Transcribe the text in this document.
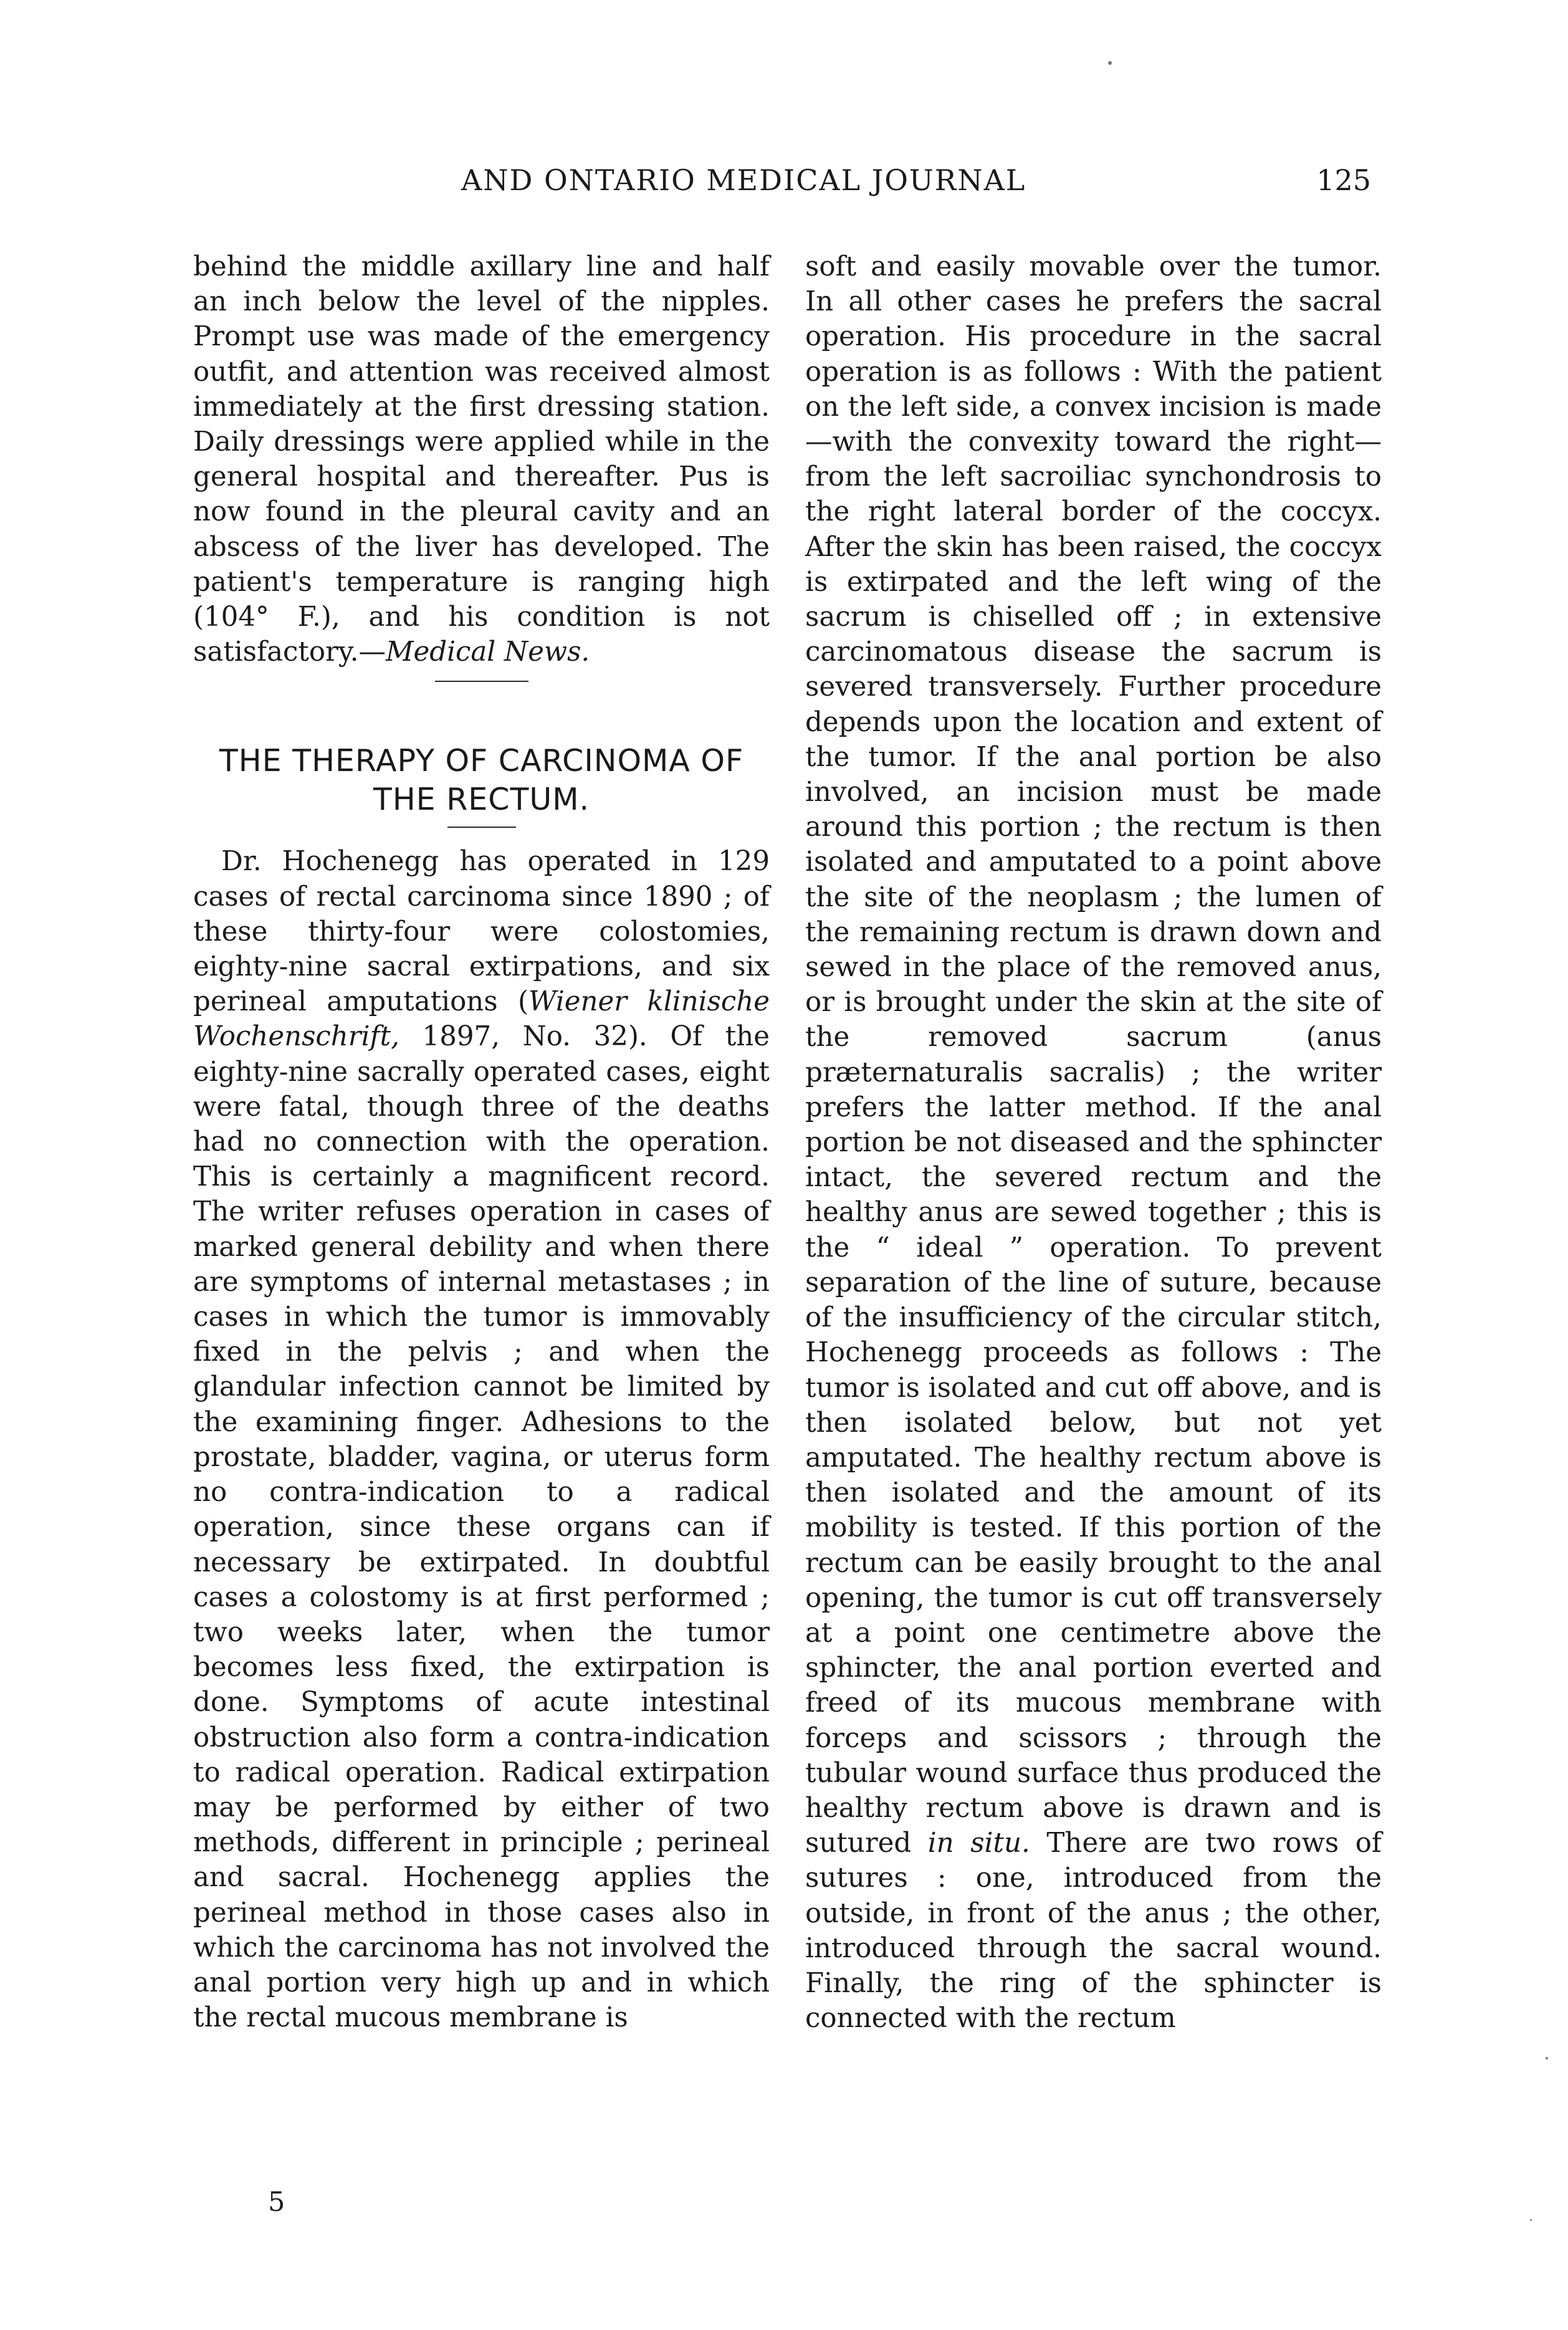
AND ONTARIO MEDICAL JOURNAL	125

behind the middle axillary line and half an inch below the level of the nipples. Prompt use was made of the emergency outfit, and attention was received almost immediately at the first dressing station. Daily dressings were applied while in the general hospital and thereafter. Pus is now found in the pleural cavity and an abscess of the liver has developed. The patient's temperature is ranging high (104° F.), and his condition is not satisfactory.—Medical News.

THE THERAPY OF CARCINOMA OF THE RECTUM.

Dr. Hochenegg has operated in 129 cases of rectal carcinoma since 1890 ; of these thirty-four were colostomies, eighty-nine sacral extirpations, and six perineal amputations (Wiener klinische Wochenschrift, 1897, No. 32). Of the eighty-nine sacrally operated cases, eight were fatal, though three of the deaths had no connection with the operation. This is certainly a magnificent record. The writer refuses operation in cases of marked general debility and when there are symptoms of internal metastases ; in cases in which the tumor is immovably fixed in the pelvis ; and when the glandular infection cannot be limited by the examining finger. Adhesions to the prostate, bladder, vagina, or uterus form no contra-indication to a radical operation, since these organs can if necessary be extirpated. In doubtful cases a colostomy is at first performed ; two weeks later, when the tumor becomes less fixed, the extirpation is done. Symptoms of acute intestinal obstruction also form a contra-indication to radical operation. Radical extirpation may be performed by either of two methods, different in principle ; perineal and sacral. Hochenegg applies the perineal method in those cases also in which the carcinoma has not involved the anal portion very high up and in which the rectal mucous membrane is

5

soft and easily movable over the tumor. In all other cases he prefers the sacral operation. His procedure in the sacral operation is as follows : With the patient on the left side, a convex incision is made—with the convexity toward the right—from the left sacroiliac synchondrosis to the right lateral border of the coccyx. After the skin has been raised, the coccyx is extirpated and the left wing of the sacrum is chiselled off ; in extensive carcinomatous disease the sacrum is severed transversely. Further procedure depends upon the location and extent of the tumor. If the anal portion be also involved, an incision must be made around this portion ; the rectum is then isolated and amputated to a point above the site of the neoplasm ; the lumen of the remaining rectum is drawn down and sewed in the place of the removed anus, or is brought under the skin at the site of the removed sacrum (anus præternaturalis sacralis) ; the writer prefers the latter method. If the anal portion be not diseased and the sphincter intact, the severed rectum and the healthy anus are sewed together ; this is the “ ideal ” operation. To prevent separation of the line of suture, because of the insufficiency of the circular stitch, Hochenegg proceeds as follows : The tumor is isolated and cut off above, and is then isolated below, but not yet amputated. The healthy rectum above is then isolated and the amount of its mobility is tested. If this portion of the rectum can be easily brought to the anal opening, the tumor is cut off transversely at a point one centimetre above the sphincter, the anal portion everted and freed of its mucous membrane with forceps and scissors ; through the tubular wound surface thus produced the healthy rectum above is drawn and is sutured in situ. There are two rows of sutures : one, introduced from the outside, in front of the anus ; the other, introduced through the sacral wound. Finally, the ring of the sphincter is connected with the rectum
